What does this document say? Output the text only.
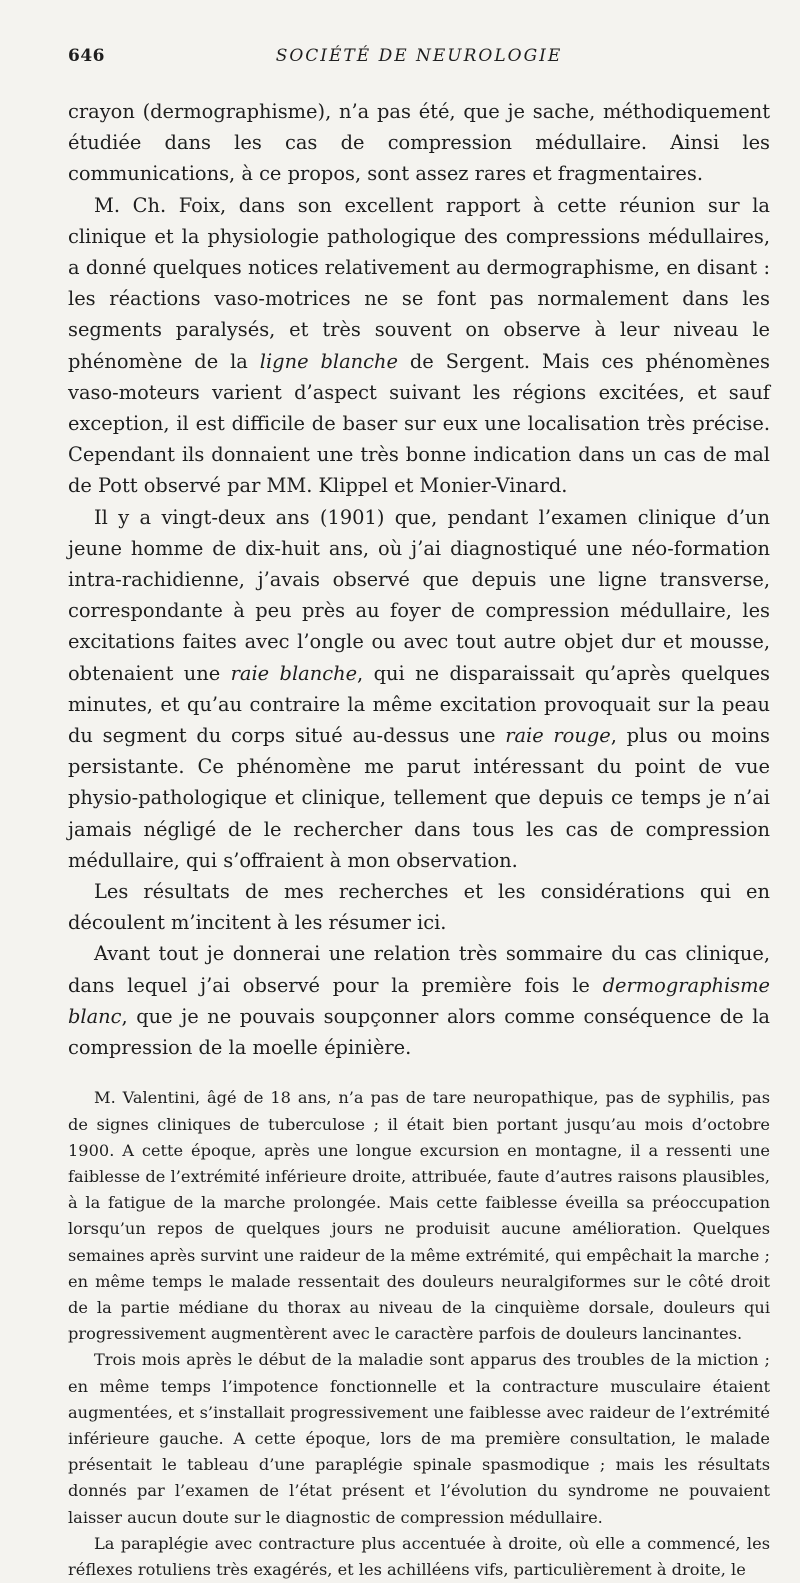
646	SOCIÉTÉ DE NEUROLOGIE

crayon (dermographisme), n’a pas été, que je sache, méthodiquement étudiée dans les cas de compression médullaire. Ainsi les communications, à ce propos, sont assez rares et fragmentaires.

M. Ch. Foix, dans son excellent rapport à cette réunion sur la clinique et la physiologie pathologique des compressions médullaires, a donné quelques notices relativement au dermographisme, en disant : les réactions vaso-motrices ne se font pas normalement dans les segments paralysés, et très souvent on observe à leur niveau le phénomène de la ligne blanche de Sergent. Mais ces phénomènes vaso-moteurs varient d’aspect suivant les régions excitées, et sauf exception, il est difficile de baser sur eux une localisation très précise. Cependant ils donnaient une très bonne indication dans un cas de mal de Pott observé par MM. Klippel et Monier-Vinard.

Il y a vingt-deux ans (1901) que, pendant l’examen clinique d’un jeune homme de dix-huit ans, où j’ai diagnostiqué une néo-formation intra-rachidienne, j’avais observé que depuis une ligne transverse, correspondante à peu près au foyer de compression médullaire, les excitations faites avec l’ongle ou avec tout autre objet dur et mousse, obtenaient une raie blanche, qui ne disparaissait qu’après quelques minutes, et qu’au contraire la même excitation provoquait sur la peau du segment du corps situé au-dessus une raie rouge, plus ou moins persistante. Ce phénomène me parut intéressant du point de vue physio-pathologique et clinique, tellement que depuis ce temps je n’ai jamais négligé de le rechercher dans tous les cas de compression médullaire, qui s’offraient à mon observation.

Les résultats de mes recherches et les considérations qui en découlent m’incitent à les résumer ici.

Avant tout je donnerai une relation très sommaire du cas clinique, dans lequel j’ai observé pour la première fois le dermographisme blanc, que je ne pouvais soupçonner alors comme conséquence de la compression de la moelle épinière.

M. Valentini, âgé de 18 ans, n’a pas de tare neuropathique, pas de syphilis, pas de signes cliniques de tuberculose ; il était bien portant jusqu’au mois d’octobre 1900. A cette époque, après une longue excursion en montagne, il a ressenti une faiblesse de l’extrémité inférieure droite, attribuée, faute d’autres raisons plausibles, à la fatigue de la marche prolongée. Mais cette faiblesse éveilla sa préoccupation lorsqu’un repos de quelques jours ne produisit aucune amélioration. Quelques semaines après survint une raideur de la même extrémité, qui empêchait la marche ; en même temps le malade ressentait des douleurs neuralgiformes sur le côté droit de la partie médiane du thorax au niveau de la cinquième dorsale, douleurs qui progressivement augmentèrent avec le caractère parfois de douleurs lancinantes.

Trois mois après le début de la maladie sont apparus des troubles de la miction ; en même temps l’impotence fonctionnelle et la contracture musculaire étaient augmentées, et s’installait progressivement une faiblesse avec raideur de l’extrémité inférieure gauche. A cette époque, lors de ma première consultation, le malade présentait le tableau d’une paraplégie spinale spasmodique ; mais les résultats donnés par l’examen de l’état présent et l’évolution du syndrome ne pouvaient laisser aucun doute sur le diagnostic de compression médullaire.

La paraplégie avec contracture plus accentuée à droite, où elle a commencé, les réflexes rotuliens très exagérés, et les achilléens vifs, particulièrement à droite, le
